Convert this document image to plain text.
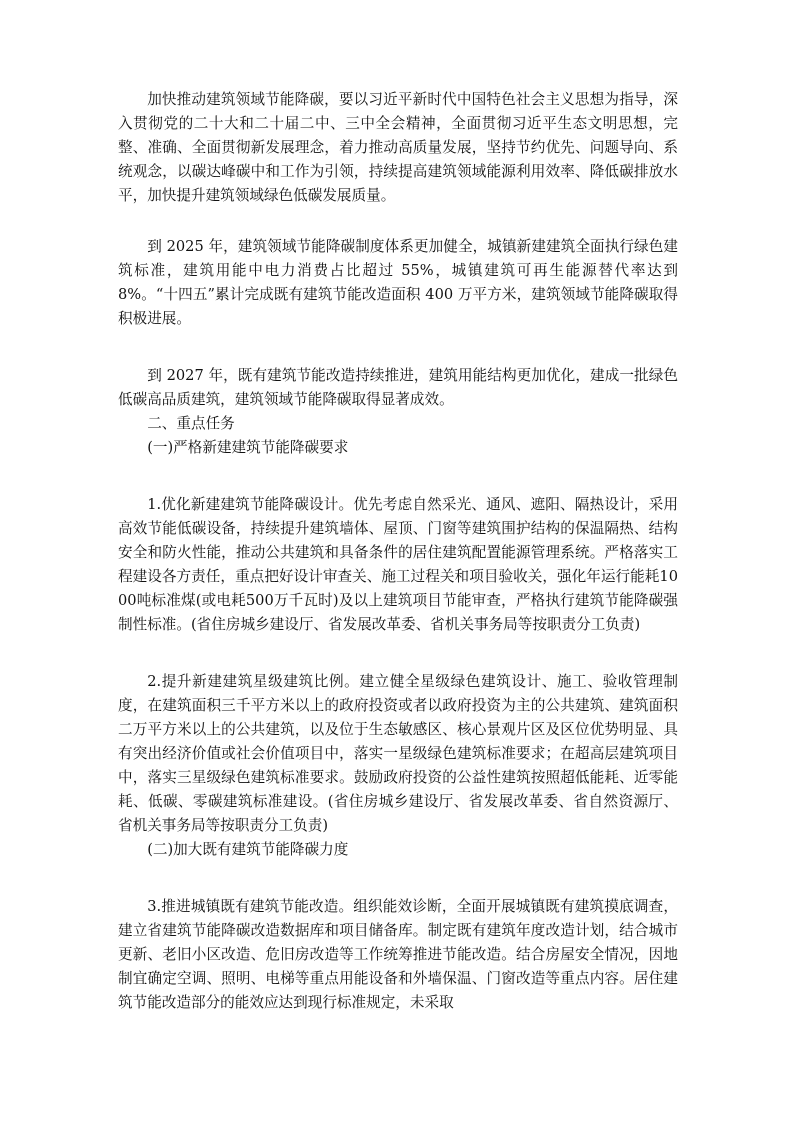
加快推动建筑领域节能降碳，要以习近平新时代中国特色社会主义思想为指导，深入贯彻党的二十大和二十届二中、三中全会精神，全面贯彻习近平生态文明思想，完整、准确、全面贯彻新发展理念，着力推动高质量发展，坚持节约优先、问题导向、系统观念，以碳达峰碳中和工作为引领，持续提高建筑领域能源利用效率、降低碳排放水平，加快提升建筑领域绿色低碳发展质量。

到 2025 年，建筑领域节能降碳制度体系更加健全，城镇新建建筑全面执行绿色建筑标准，建筑用能中电力消费占比超过 55%，城镇建筑可再生能源替代率达到 8%。“十四五”累计完成既有建筑节能改造面积 400 万平方米，建筑领域节能降碳取得积极进展。

到 2027 年，既有建筑节能改造持续推进，建筑用能结构更加优化，建成一批绿色低碳高品质建筑，建筑领域节能降碳取得显著成效。

二、重点任务

(一)严格新建建筑节能降碳要求

1.优化新建建筑节能降碳设计。优先考虑自然采光、通风、遮阳、隔热设计，采用高效节能低碳设备，持续提升建筑墙体、屋顶、门窗等建筑围护结构的保温隔热、结构安全和防火性能，推动公共建筑和具备条件的居住建筑配置能源管理系统。严格落实工程建设各方责任，重点把好设计审查关、施工过程关和项目验收关，强化年运行能耗1000吨标准煤(或电耗500万千瓦时)及以上建筑项目节能审查，严格执行建筑节能降碳强制性标准。(省住房城乡建设厅、省发展改革委、省机关事务局等按职责分工负责)

2.提升新建建筑星级建筑比例。建立健全星级绿色建筑设计、施工、验收管理制度，在建筑面积三千平方米以上的政府投资或者以政府投资为主的公共建筑、建筑面积二万平方米以上的公共建筑，以及位于生态敏感区、核心景观片区及区位优势明显、具有突出经济价值或社会价值项目中，落实一星级绿色建筑标准要求；在超高层建筑项目中，落实三星级绿色建筑标准要求。鼓励政府投资的公益性建筑按照超低能耗、近零能耗、低碳、零碳建筑标准建设。(省住房城乡建设厅、省发展改革委、省自然资源厅、省机关事务局等按职责分工负责)

(二)加大既有建筑节能降碳力度

3.推进城镇既有建筑节能改造。组织能效诊断，全面开展城镇既有建筑摸底调查，建立省建筑节能降碳改造数据库和项目储备库。制定既有建筑年度改造计划，结合城市更新、老旧小区改造、危旧房改造等工作统筹推进节能改造。结合房屋安全情况，因地制宜确定空调、照明、电梯等重点用能设备和外墙保温、门窗改造等重点内容。居住建筑节能改造部分的能效应达到现行标准规定，未采取
